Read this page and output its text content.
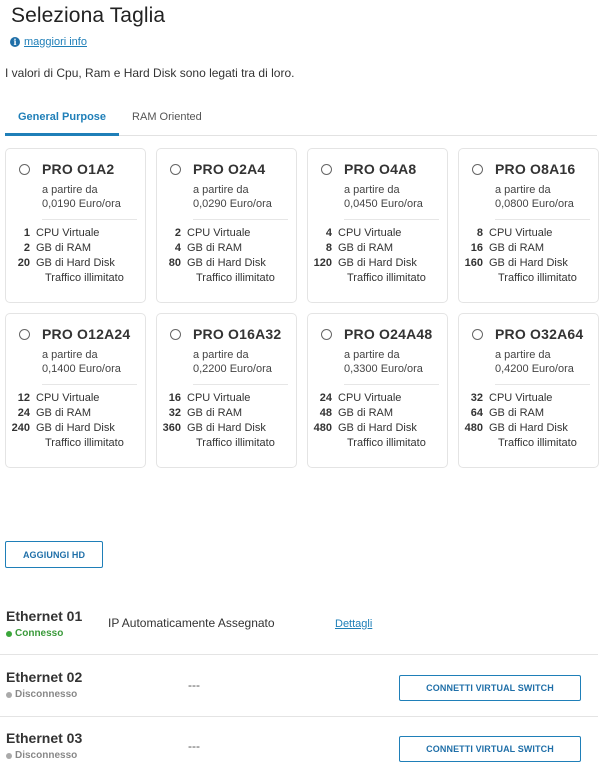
Seleziona Taglia
i maggiori info

I valori di Cpu, Ram e Hard Disk sono legati tra di loro.

General Purpose	RAM Oriented
PRO O1A2
a partire da
0,0190 Euro/ora
1 CPU Virtuale
2 GB di RAM
20 GB di Hard Disk
Traffico illimitato
PRO O2A4
a partire da
0,0290 Euro/ora
2 CPU Virtuale
4 GB di RAM
80 GB di Hard Disk
Traffico illimitato
PRO O4A8
a partire da
0,0450 Euro/ora
4 CPU Virtuale
8 GB di RAM
120 GB di Hard Disk
Traffico illimitato
PRO O8A16
a partire da
0,0800 Euro/ora
8 CPU Virtuale
16 GB di RAM
160 GB di Hard Disk
Traffico illimitato
PRO O12A24
a partire da
0,1400 Euro/ora
12 CPU Virtuale
24 GB di RAM
240 GB di Hard Disk
Traffico illimitato
PRO O16A32
a partire da
0,2200 Euro/ora
16 CPU Virtuale
32 GB di RAM
360 GB di Hard Disk
Traffico illimitato
PRO O24A48
a partire da
0,3300 Euro/ora
24 CPU Virtuale
48 GB di RAM
480 GB di Hard Disk
Traffico illimitato
PRO O32A64
a partire da
0,4200 Euro/ora
32 CPU Virtuale
64 GB di RAM
480 GB di Hard Disk
Traffico illimitato
AGGIUNGI HD
Ethernet 01
Connesso
IP Automaticamente Assegnato	Dettagli
Ethernet 02
Disconnesso
---	CONNETTI VIRTUAL SWITCH
Ethernet 03
Disconnesso
---	CONNETTI VIRTUAL SWITCH
